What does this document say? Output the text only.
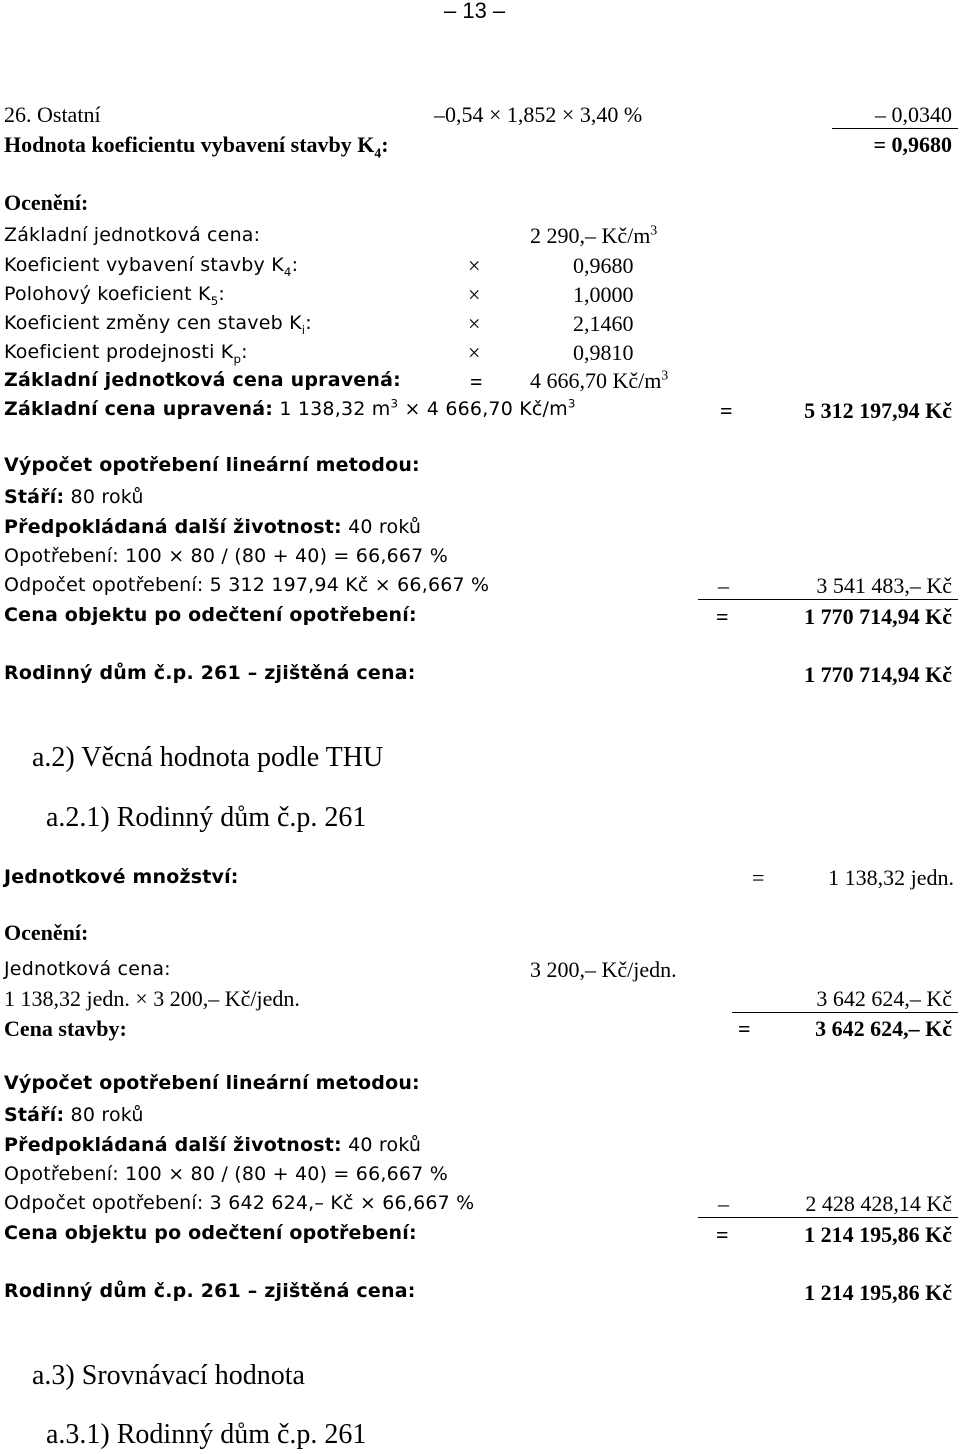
– 13 –
26. Ostatní	–0,54 × 1,852 × 3,40 %	– 0,0340
Hodnota koeficientu vybavení stavby $K_4$:	= 0,9680
Ocenění:
Základní jednotková cena:	2 290,– $Kč/m^3$
Koeficient vybavení stavby $K_4$:	×	0,9680
Polohový koeficient $K_5$:	×	1,0000
Koeficient změny cen staveb $K_i$:	×	2,1460
Koeficient prodejnosti $K_p$:	×	0,9810
Základní jednotková cena upravená:	= 4 666,70 $Kč/m^3$
Základní cena upravená: 1 138,32 $m^3 \times 4$ 666,70 $Kč/m^3$	=	5 312 197,94 Kč
Výpočet opotřebení lineární metodou:
Stáří: 80 roků
Předpokládaná další životnost: 40 roků
Opotřebení: 100 × 80 / (80 + 40) = 66,667 %
Odpočet opotřebení: 5 312 197,94 Kč × 66,667 %	–	3 541 483,– Kč
Cena objektu po odečtení opotřebení:	=	1 770 714,94 Kč
Rodinný dům č.p. 261 – zjištěná cena:	1 770 714,94 Kč
a.2) Věcná hodnota podle THU
a.2.1) Rodinný dům č.p. 261
Jednotkové množství:	=	1 138,32 jedn.
Ocenění:
Jednotková cena:	3 200,– Kč/jedn.
1 138,32 jedn. × 3 200,– Kč/jedn.	3 642 624,– Kč
Cena stavby:	=	3 642 624,– Kč
Výpočet opotřebení lineární metodou:
Stáří: 80 roků
Předpokládaná další životnost: 40 roků
Opotřebení: 100 × 80 / (80 + 40) = 66,667 %
Odpočet opotřebení: 3 642 624,– Kč × 66,667 %	–	2 428 428,14 Kč
Cena objektu po odečtení opotřebení:	=	1 214 195,86 Kč
Rodinný dům č.p. 261 – zjištěná cena:	1 214 195,86 Kč
a.3) Srovnávací hodnota
a.3.1) Rodinný dům č.p. 261
